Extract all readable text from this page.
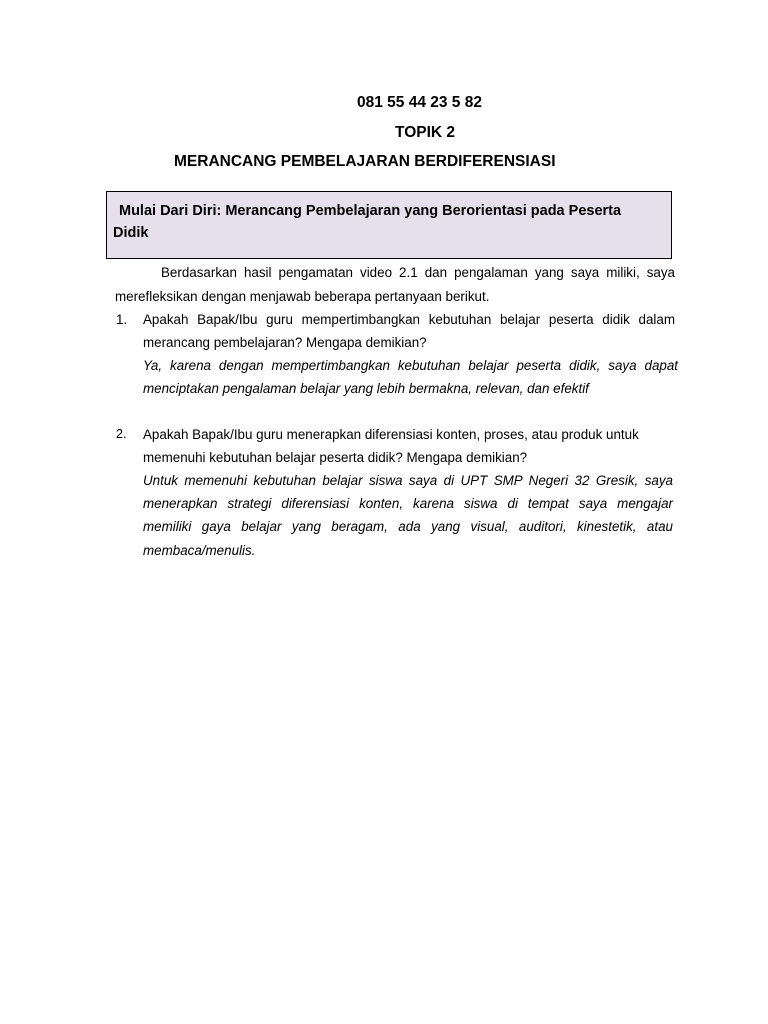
081 55 44 23 5 82
TOPIK 2
MERANCANG PEMBELAJARAN BERDIFERENSIASI
Mulai Dari Diri: Merancang Pembelajaran yang Berorientasi pada Peserta
Didik
Berdasarkan hasil pengamatan video 2.1 dan pengalaman yang saya miliki, saya
merefleksikan dengan menjawab beberapa pertanyaan berikut.
1. Apakah Bapak/Ibu guru mempertimbangkan kebutuhan belajar peserta didik dalam
merancang pembelajaran? Mengapa demikian?
Ya, karena dengan mempertimbangkan kebutuhan belajar peserta didik, saya dapat
menciptakan pengalaman belajar yang lebih bermakna, relevan, dan efektif
2. Apakah Bapak/Ibu guru menerapkan diferensiasi konten, proses, atau produk untuk
memenuhi kebutuhan belajar peserta didik? Mengapa demikian?
Untuk memenuhi kebutuhan belajar siswa saya di UPT SMP Negeri 32 Gresik, saya
menerapkan strategi diferensiasi konten, karena siswa di tempat saya mengajar
memiliki gaya belajar yang beragam, ada yang visual, auditori, kinestetik, atau
membaca/menulis.
